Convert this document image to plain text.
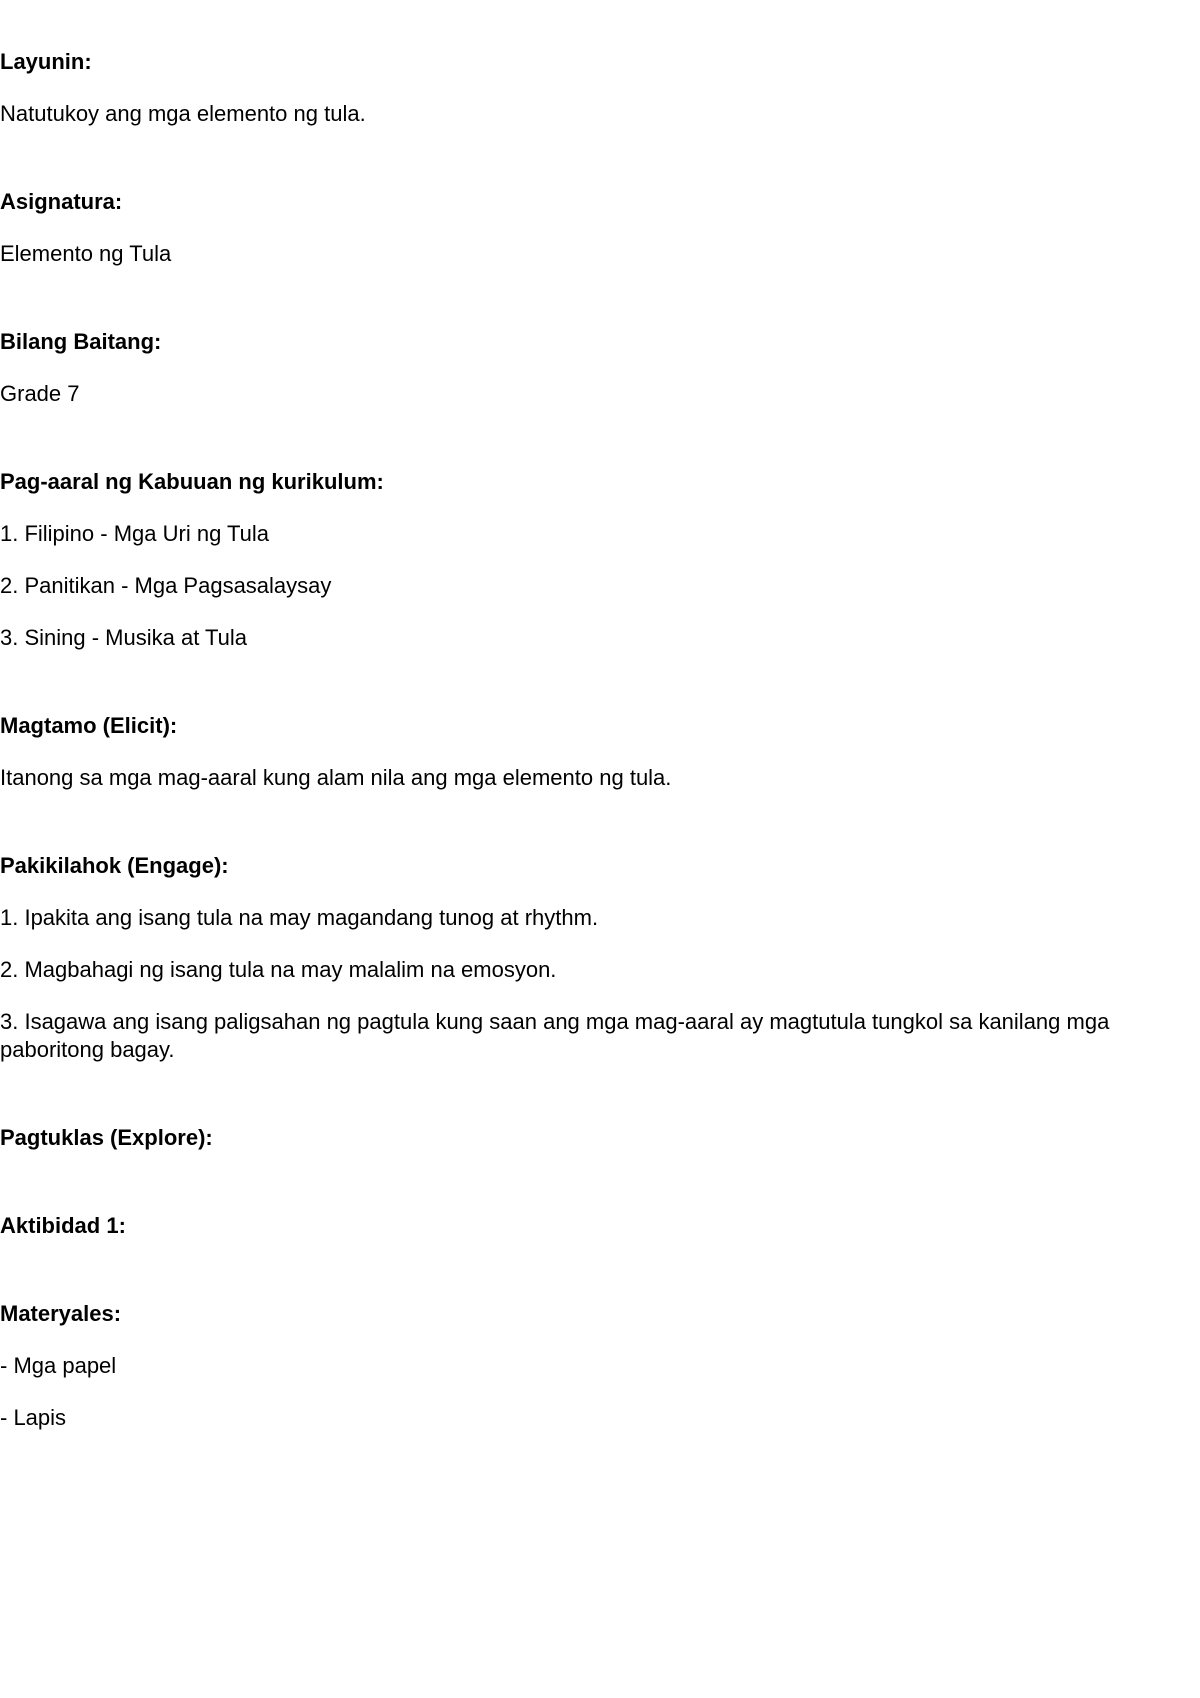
Layunin:

Natutukoy ang mga elemento ng tula.

Asignatura:

Elemento ng Tula

Bilang Baitang:

Grade 7

Pag-aaral ng Kabuuan ng kurikulum:

1. Filipino - Mga Uri ng Tula

2. Panitikan - Mga Pagsasalaysay

3. Sining - Musika at Tula

Magtamo (Elicit):

Itanong sa mga mag-aaral kung alam nila ang mga elemento ng tula.

Pakikilahok (Engage):

1. Ipakita ang isang tula na may magandang tunog at rhythm.

2. Magbahagi ng isang tula na may malalim na emosyon.

3. Isagawa ang isang paligsahan ng pagtula kung saan ang mga mag-aaral ay magtutula tungkol sa kanilang mga paboritong bagay.

Pagtuklas (Explore):

Aktibidad 1:

Materyales:

- Mga papel

- Lapis
